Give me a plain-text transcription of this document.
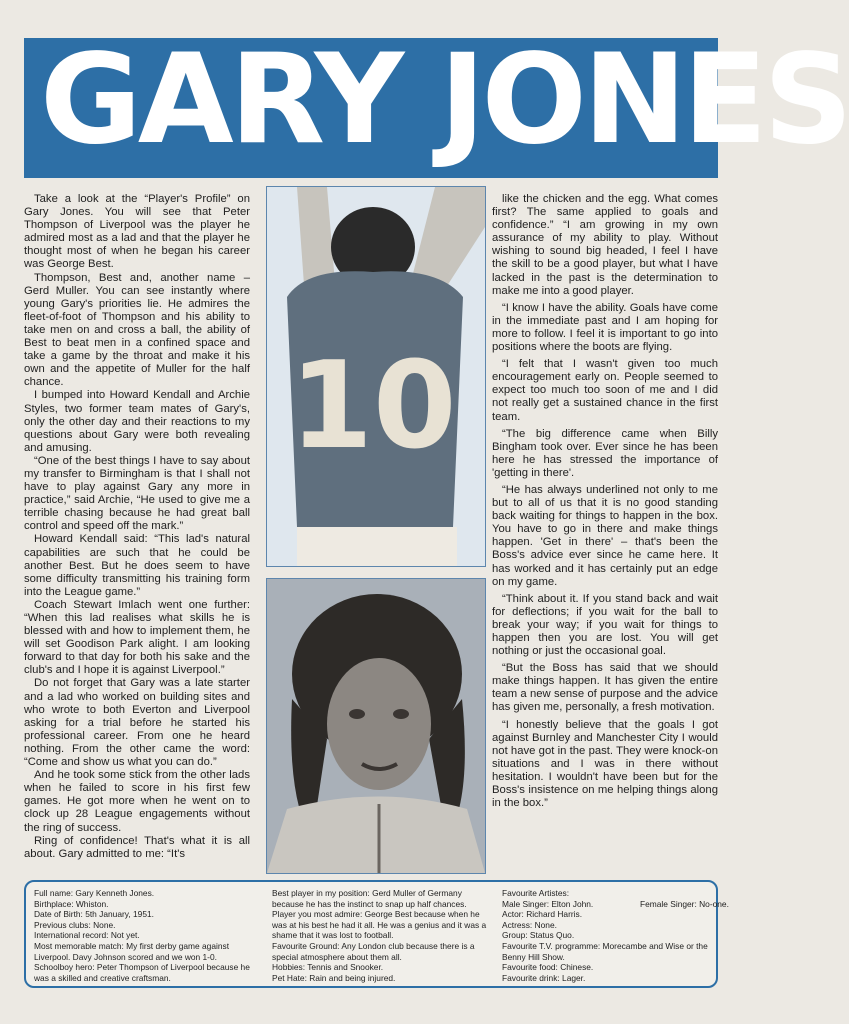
GARY JONES

Take a look at the “Player's Profile” on Gary Jones. You will see that Peter Thompson of Liverpool was the player he admired most as a lad and that the player he thought most of when he began his career was George Best.

Thompson, Best and, another name – Gerd Muller. You can see instantly where young Gary's priorities lie. He admires the fleet-of-foot of Thompson and his ability to take men on and cross a ball, the ability of Best to beat men in a confined space and take a game by the throat and make it his own and the appetite of Muller for the half chance.

I bumped into Howard Kendall and Archie Styles, two former team mates of Gary's, only the other day and their reactions to my questions about Gary were both revealing and amusing.

“One of the best things I have to say about my transfer to Birmingham is that I shall not have to play against Gary any more in practice,” said Archie, “He used to give me a terrible chasing because he had great ball control and speed off the mark.”

Howard Kendall said: “This lad's natural capabilities are such that he could be another Best. But he does seem to have some difficulty transmitting his training form into the League game.”

Coach Stewart Imlach went one further: “When this lad realises what skills he is blessed with and how to implement them, he will set Goodison Park alight. I am looking forward to that day for both his sake and the club's and I hope it is against Liverpool.”

Do not forget that Gary was a late starter and a lad who worked on building sites and who wrote to both Everton and Liverpool asking for a trial before he started his professional career. From one he heard nothing. From the other came the word: “Come and show us what you can do.”

And he took some stick from the other lads when he failed to score in his first few games. He got more when he went on to clock up 28 League engagements without the ring of success.

Ring of confidence! That's what it is all about. Gary admitted to me: “It's

10

like the chicken and the egg. What comes first? The same applied to goals and confidence.” “I am growing in my own assurance of my ability to play. Without wishing to sound big headed, I feel I have the skill to be a good player, but what I have lacked in the past is the determination to make me into a good player.

“I know I have the ability. Goals have come in the immediate past and I am hoping for more to follow. I feel it is important to go into positions where the boots are flying.

“I felt that I wasn't given too much encouragement early on. People seemed to expect too much too soon of me and I did not really get a sustained chance in the first team.

“The big difference came when Billy Bingham took over. Ever since he has been here he has stressed the importance of 'getting in there'.

“He has always underlined not only to me but to all of us that it is no good standing back waiting for things to happen in the box. You have to go in there and make things happen. 'Get in there' – that's been the Boss's advice ever since he came here. It has worked and it has certainly put an edge on my game.

“Think about it. If you stand back and wait for deflections; if you wait for the ball to break your way; if you wait for things to happen then you are lost. You will get nothing or just the occasional goal.

“But the Boss has said that we should make things happen. It has given the entire team a new sense of purpose and the advice has given me, personally, a fresh motivation.

“I honestly believe that the goals I got against Burnley and Manchester City I would not have got in the past. They were knock-on situations and I was in there without hesitation. I wouldn't have been but for the Boss's insistence on me helping things along in the box.”

Full name: Gary Kenneth Jones.
Birthplace: Whiston.
Date of Birth: 5th January, 1951.
Previous clubs: None.
International record: Not yet.
Most memorable match: My first derby game against Liverpool. Davy Johnson scored and we won 1-0.
Schoolboy hero: Peter Thompson of Liverpool because he was a skilled and creative craftsman.
Best player in my position: Gerd Muller of Germany because he has the instinct to snap up half chances.
Player you most admire: George Best because when he was at his best he had it all. He was a genius and it was a shame that it was lost to football.
Favourite Ground: Any London club because there is a special atmosphere about them all.
Hobbies: Tennis and Snooker.
Pet Hate: Rain and being injured.
Favourite Artistes:
Male Singer: Elton John.	Female Singer: No-one.
Actor: Richard Harris.
Actress: None.
Group: Status Quo.
Favourite T.V. programme: Morecambe and Wise or the Benny Hill Show.
Favourite food: Chinese.
Favourite drink: Lager.
